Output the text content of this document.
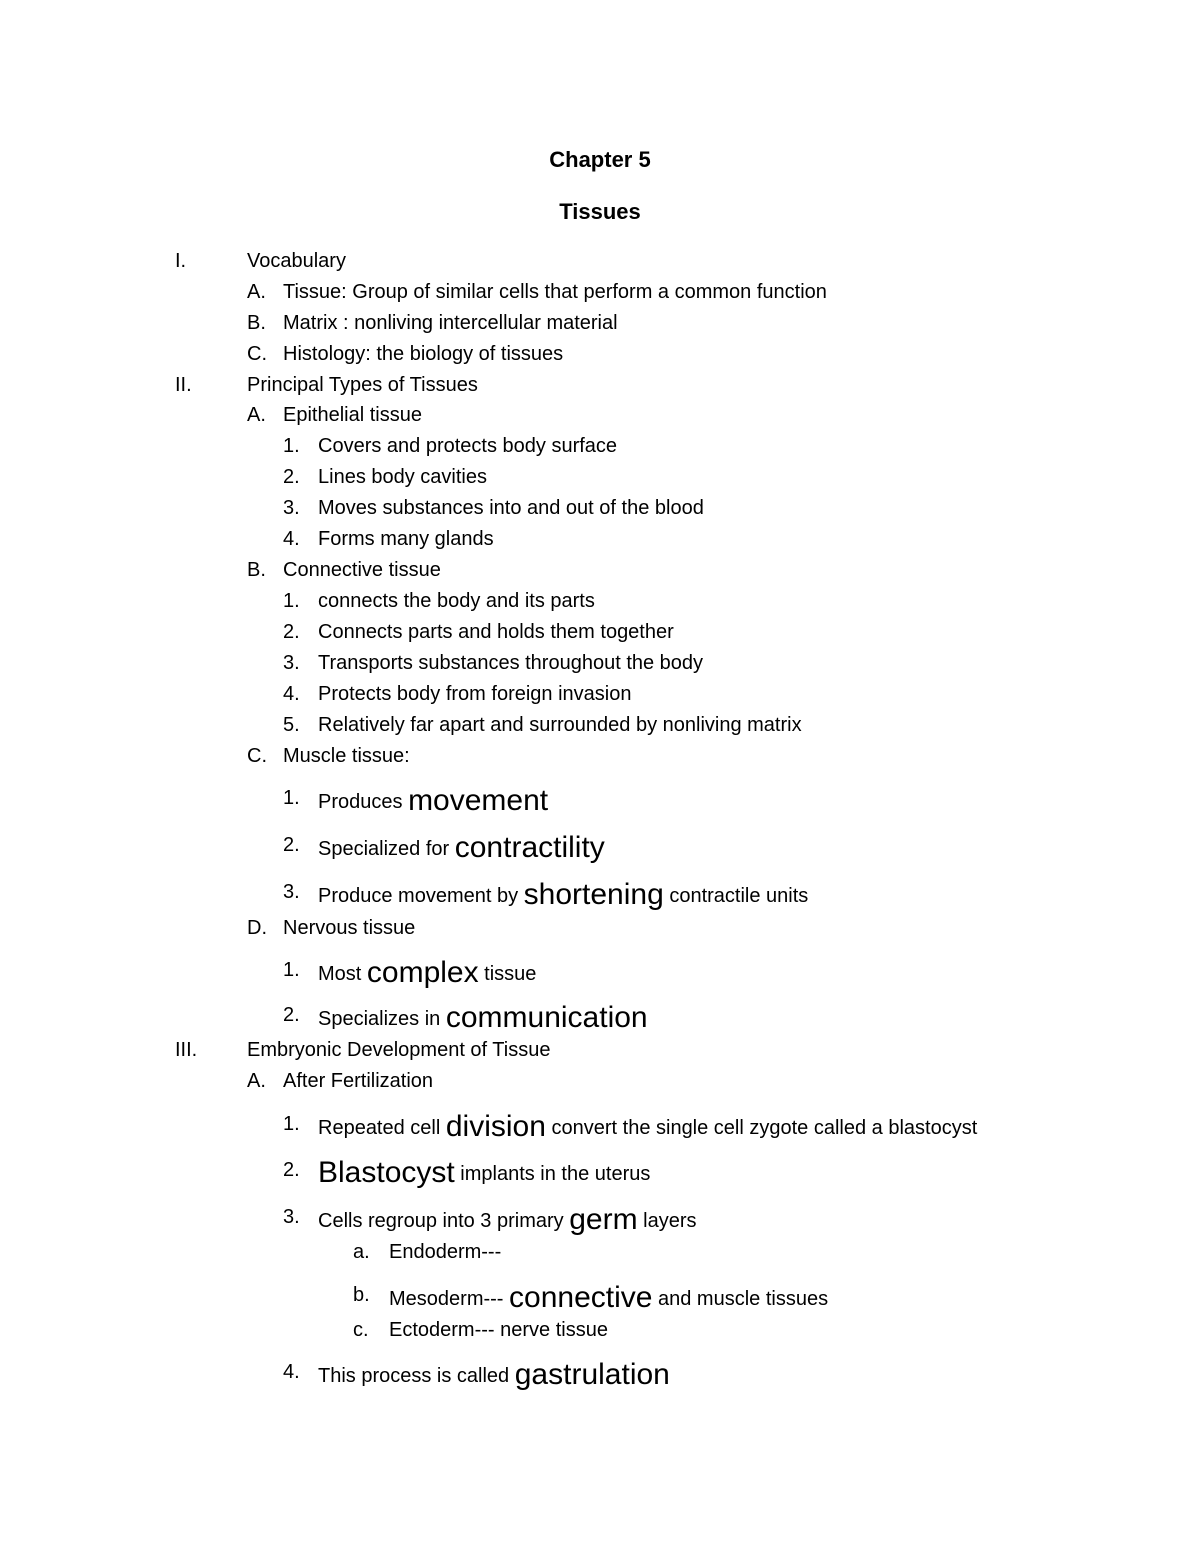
Chapter 5
Tissues
I.	Vocabulary
A. Tissue: Group of similar cells that perform a common function
B. Matrix : nonliving intercellular material
C. Histology: the biology of tissues
II.	Principal Types of Tissues
A. Epithelial tissue
1. Covers and protects body surface
2. Lines body cavities
3. Moves substances into and out of the blood
4. Forms many glands
B. Connective tissue
1. connects the body and its parts
2. Connects parts and holds them together
3. Transports substances throughout the body
4. Protects body from foreign invasion
5. Relatively far apart and surrounded by nonliving matrix
C. Muscle tissue:
1. Produces movement
2. Specialized for contractility
3. Produce movement by shortening contractile units
D. Nervous tissue
1. Most complex tissue
2. Specializes in communication
III. Embryonic Development of Tissue
A. After Fertilization
1. Repeated cell division convert the single cell zygote called a blastocyst
2. Blastocyst implants in the uterus
3. Cells regroup into 3 primary germ layers
a. Endoderm---
b. Mesoderm--- connective and muscle tissues
c. Ectoderm--- nerve tissue
4. This process is called gastrulation
